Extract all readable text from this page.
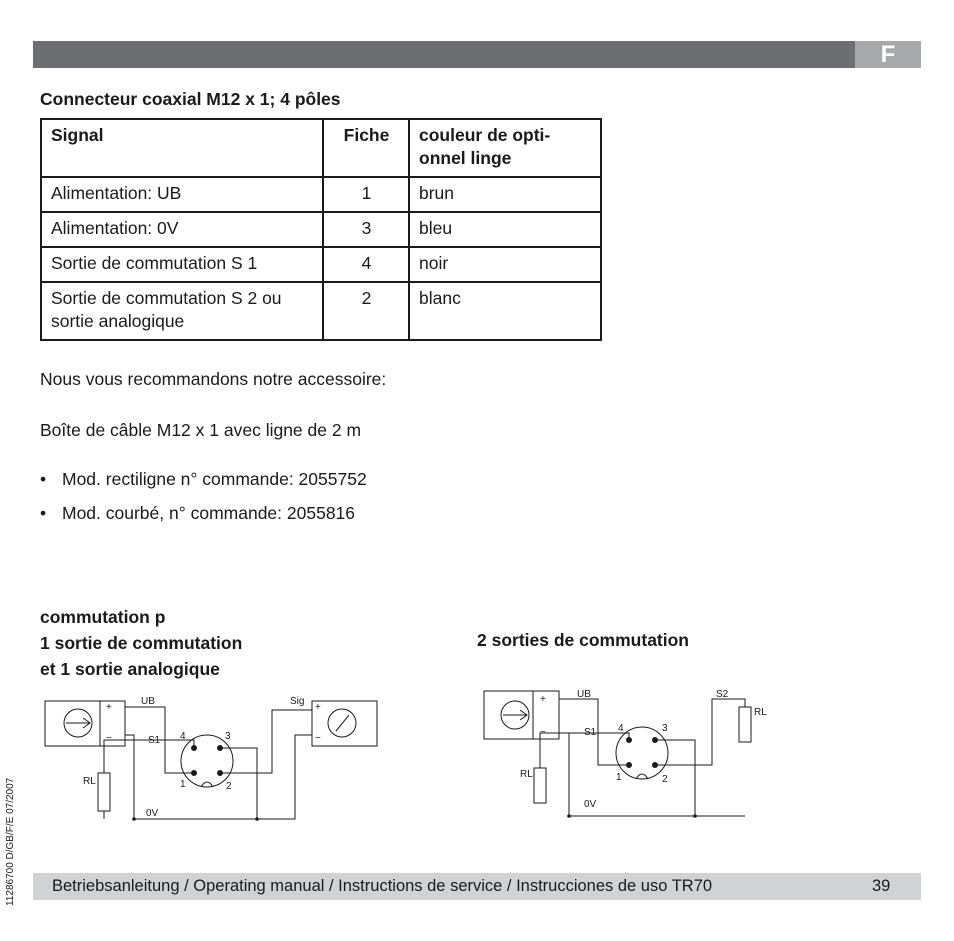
F
Connecteur coaxial M12 x 1; 4 pôles
Signal	Fiche	couleur de opti-
onnel linge
Alimentation: UB	1	brun
Alimentation: 0V	3	bleu
Sortie de commutation S 1	4	noir
Sortie de commutation S 2 ou sortie analogique	2	blanc
Nous vous recommandons notre accessoire:
Boîte de câble M12 x 1 avec ligne de 2 m
• Mod. rectiligne n° commande: 2055752
• Mod. courbé, n° commande: 2055816
commutation p
1 sortie de commutation
et 1 sortie analogique
2 sorties de commutation
+
−
+
−
UB	Sig
S1
0V
RL
4	3
1	2
+
−
UB	S2
RL
S1
0V
RL
4	3
1	2
11286700 D/GB/F/E 07/2007 Betriebsanleitung / Operating manual / Instructions de service / Instrucciones de uso TR70	39
